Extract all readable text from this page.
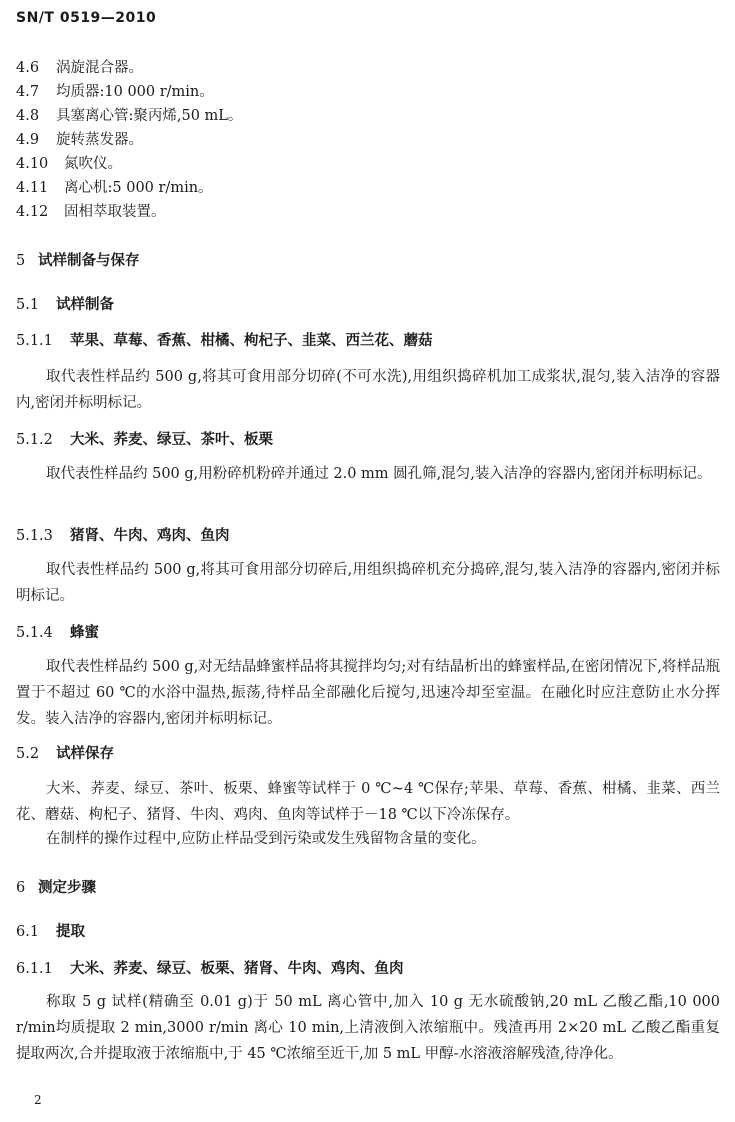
SN/T 0519—2010
4.6 涡旋混合器。
4.7 均质器:10 000 r/min。
4.8 具塞离心管:聚丙烯,50 mL。
4.9 旋转蒸发器。
4.10 氮吹仪。
4.11 离心机:5 000 r/min。
4.12 固相萃取装置。
5 试样制备与保存
5.1 试样制备
5.1.1 苹果、草莓、香蕉、柑橘、枸杞子、韭菜、西兰花、蘑菇
取代表性样品约 500 g,将其可食用部分切碎(不可水洗),用组织捣碎机加工成浆状,混匀,装入洁净的容器内,密闭并标明标记。
5.1.2 大米、荞麦、绿豆、茶叶、板栗
取代表性样品约 500 g,用粉碎机粉碎并通过 2.0 mm 圆孔筛,混匀,装入洁净的容器内,密闭并标明标记。
5.1.3 猪肾、牛肉、鸡肉、鱼肉
取代表性样品约 500 g,将其可食用部分切碎后,用组织捣碎机充分捣碎,混匀,装入洁净的容器内,密闭并标明标记。
5.1.4 蜂蜜
取代表性样品约 500 g,对无结晶蜂蜜样品将其搅拌均匀;对有结晶析出的蜂蜜样品,在密闭情况下,将样品瓶置于不超过 60 ℃的水浴中温热,振荡,待样品全部融化后搅匀,迅速冷却至室温。在融化时应注意防止水分挥发。装入洁净的容器内,密闭并标明标记。
5.2 试样保存
大米、荞麦、绿豆、茶叶、板栗、蜂蜜等试样于 0 ℃~4 ℃保存;苹果、草莓、香蕉、柑橘、韭菜、西兰花、蘑菇、枸杞子、猪肾、牛肉、鸡肉、鱼肉等试样于－18 ℃以下冷冻保存。
在制样的操作过程中,应防止样品受到污染或发生残留物含量的变化。
6 测定步骤
6.1 提取
6.1.1 大米、荞麦、绿豆、板栗、猪肾、牛肉、鸡肉、鱼肉
称取 5 g 试样(精确至 0.01 g)于 50 mL 离心管中,加入 10 g 无水硫酸钠,20 mL 乙酸乙酯,10 000 r/min均质提取 2 min,3000 r/min 离心 10 min,上清液倒入浓缩瓶中。残渣再用 2×20 mL 乙酸乙酯重复提取两次,合并提取液于浓缩瓶中,于 45 ℃浓缩至近干,加 5 mL 甲醇-水溶液溶解残渣,待净化。
2
